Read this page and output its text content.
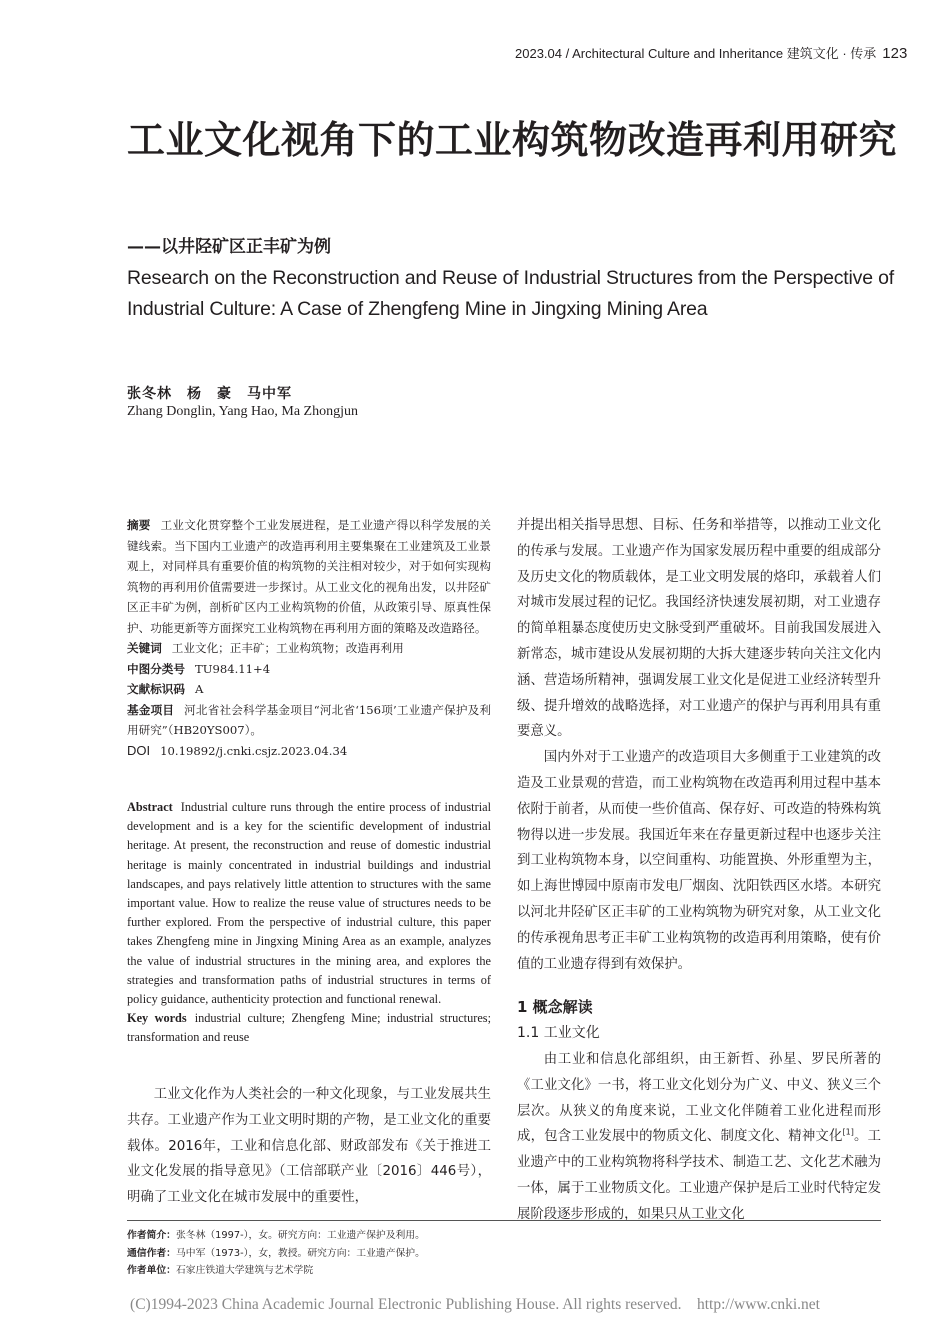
2023.04 / Architectural Culture and Inheritance 建筑文化 · 传承 123
工业文化视角下的工业构筑物改造再利用研究
——以井陉矿区正丰矿为例
Research on the Reconstruction and Reuse of Industrial Structures from the Perspective of Industrial Culture: A Case of Zhengfeng Mine in Jingxing Mining Area
张冬林　杨　豪　马中军
Zhang Donglin, Yang Hao, Ma Zhongjun
摘要 工业文化贯穿整个工业发展进程，是工业遗产得以科学发展的关键线索。当下国内工业遗产的改造再利用主要集聚在工业建筑及工业景观上，对同样具有重要价值的构筑物的关注相对较少，对于如何实现构筑物的再利用价值需要进一步探讨。从工业文化的视角出发，以井陉矿区正丰矿为例，剖析矿区内工业构筑物的价值，从政策引导、原真性保护、功能更新等方面探究工业构筑物在再利用方面的策略及改造路径。
关键词 工业文化；正丰矿；工业构筑物；改造再利用
中图分类号 TU984.11+4
文献标识码 A
基金项目 河北省社会科学基金项目“河北省‘156项’工业遗产保护及利用研究”（HB20YS007）。
DOI 10.19892/j.cnki.csjz.2023.04.34
Abstract Industrial culture runs through the entire process of industrial development and is a key for the scientific development of industrial heritage. At present, the reconstruction and reuse of domestic industrial heritage is mainly concentrated in industrial buildings and industrial landscapes, and pays relatively little attention to structures with the same important value. How to realize the reuse value of structures needs to be further explored. From the perspective of industrial culture, this paper takes Zhengfeng mine in Jingxing Mining Area as an example, analyzes the value of industrial structures in the mining area, and explores the strategies and transformation paths of industrial structures in terms of policy guidance, authenticity protection and functional renewal.
Key words industrial culture; Zhengfeng Mine; industrial structures; transformation and reuse

工业文化作为人类社会的一种文化现象，与工业发展共生共存。工业遗产作为工业文明时期的产物，是工业文化的重要载体。2016年，工业和信息化部、财政部发布《关于推进工业文化发展的指导意见》（工信部联产业〔2016〕446号），明确了工业文化在城市发展中的重要性，

并提出相关指导思想、目标、任务和举措等，以推动工业文化的传承与发展。工业遗产作为国家发展历程中重要的组成部分及历史文化的物质载体，是工业文明发展的烙印，承载着人们对城市发展过程的记忆。我国经济快速发展初期，对工业遗存的简单粗暴态度使历史文脉受到严重破坏。目前我国发展进入新常态，城市建设从发展初期的大拆大建逐步转向关注文化内涵、营造场所精神，强调发展工业文化是促进工业经济转型升级、提升增效的战略选择，对工业遗产的保护与再利用具有重要意义。

国内外对于工业遗产的改造项目大多侧重于工业建筑的改造及工业景观的营造，而工业构筑物在改造再利用过程中基本依附于前者，从而使一些价值高、保存好、可改造的特殊构筑物得以进一步发展。我国近年来在存量更新过程中也逐步关注到工业构筑物本身，以空间重构、功能置换、外形重塑为主，如上海世博园中原南市发电厂烟囱、沈阳铁西区水塔。本研究以河北井陉矿区正丰矿的工业构筑物为研究对象，从工业文化的传承视角思考正丰矿工业构筑物的改造再利用策略，使有价值的工业遗存得到有效保护。

1 概念解读
1.1 工业文化

由工业和信息化部组织，由王新哲、孙星、罗民所著的《工业文化》一书，将工业文化划分为广义、中义、狭义三个层次。从狭义的角度来说，工业文化伴随着工业化进程而形成，包含工业发展中的物质文化、制度文化、精神文化[1]。工业遗产中的工业构筑物将科学技术、制造工艺、文化艺术融为一体，属于工业物质文化。工业遗产保护是后工业时代特定发展阶段逐步形成的，如果只从工业文化

作者简介：张冬林（1997-），女。研究方向：工业遗产保护及利用。
通信作者：马中军（1973-），女，教授。研究方向：工业遗产保护。
作者单位：石家庄铁道大学建筑与艺术学院
(C)1994-2023 China Academic Journal Electronic Publishing House. All rights reserved.    http://www.cnki.net
